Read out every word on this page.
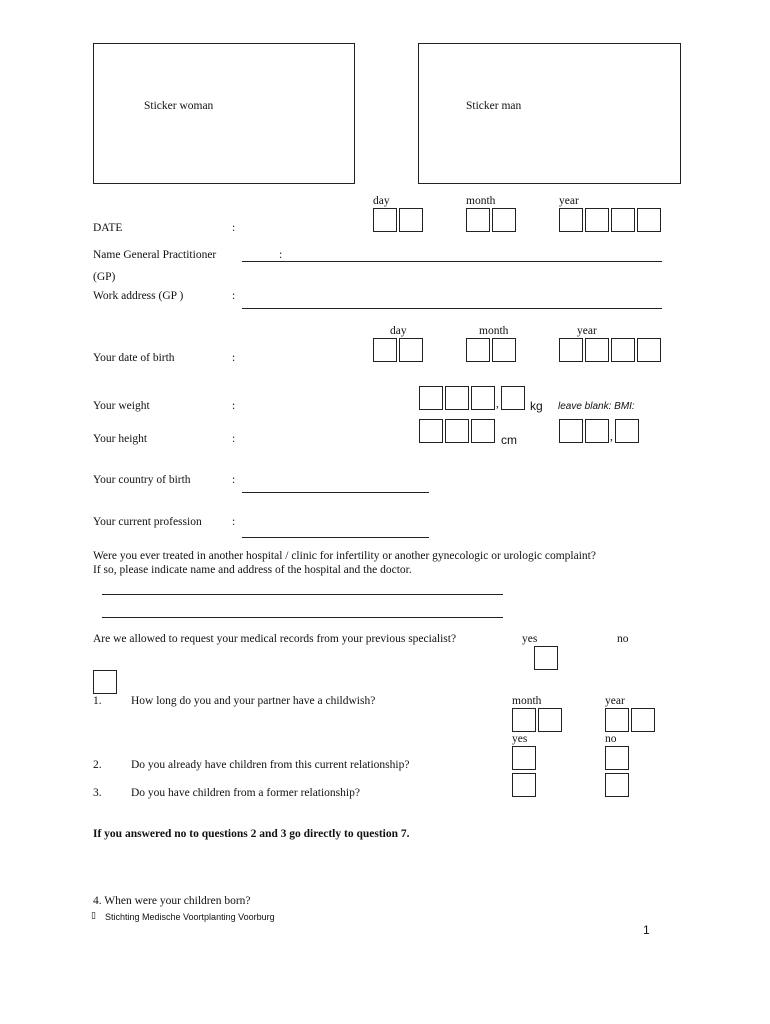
Sticker woman	Sticker man
day	month	year
DATE	:
Name General Practitioner	:
(GP)
Work address (GP )	:
day	month	year
Your date of birth	:
Your weight	:	,	kg leave blank: BMI:
Your height	:	cm	,
Your country of birth	:
Your current profession	:
Were you ever treated in another hospital / clinic for infertility or another gynecologic or urologic complaint?
If so, please indicate name and address of the hospital and the doctor.
Are we allowed to request your medical records from your previous specialist?	yes	no
1.	How long do you and your partner have a childwish?	month	year
yes	no
2.	Do you already have children from this current relationship?
3.	Do you have children from a former relationship?
If you answered no to questions 2 and 3 go directly to question 7.
4. When were your children born?
▯ Stichting Medische Voortplanting Voorburg
1
